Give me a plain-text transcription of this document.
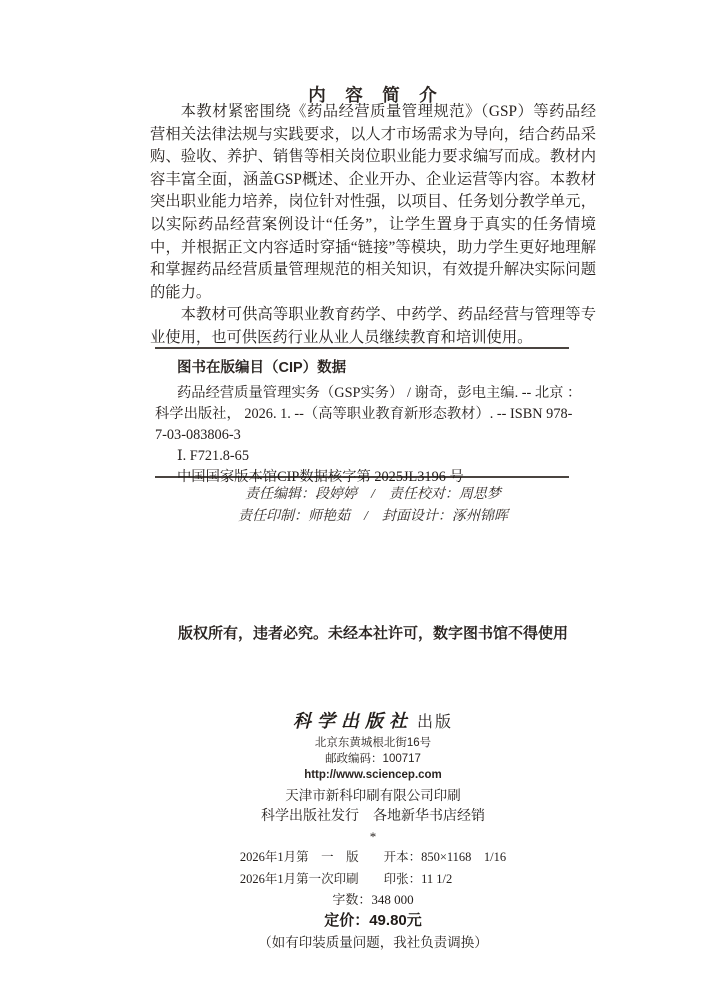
内　容　简　介

本教材紧密围绕《药品经营质量管理规范》（GSP）等药品经营相关法律法规与实践要求，以人才市场需求为导向，结合药品采购、验收、养护、销售等相关岗位职业能力要求编写而成。教材内容丰富全面，涵盖GSP概述、企业开办、企业运营等内容。本教材突出职业能力培养，岗位针对性强，以项目、任务划分教学单元，以实际药品经营案例设计“任务”，让学生置身于真实的任务情境中，并根据正文内容适时穿插“链接”等模块，助力学生更好地理解和掌握药品经营质量管理规范的相关知识，有效提升解决实际问题的能力。

本教材可供高等职业教育药学、中药学、药品经营与管理等专业使用，也可供医药行业从业人员继续教育和培训使用。

图书在版编目（CIP）数据
药品经营质量管理实务（GSP实务） / 谢奇，彭电主编. -- 北京 ：
科学出版社， 2026. 1. --（高等职业教育新形态教材）. -- ISBN 978-
7-03-083806-3
Ⅰ. F721.8-65
中国国家版本馆CIP数据核字第 2025JL3196 号
责任编辑：段婷婷　/　责任校对：周思梦
责任印制：师艳茹　/　封面设计：涿州锦晖
版权所有，违者必究。未经本社许可，数字图书馆不得使用
科学出版社 出版
北京东黄城根北街16号
邮政编码：100717
http://www.sciencep.com
天津市新科印刷有限公司印刷
科学出版社发行　各地新华书店经销
*
2026年1月第　一　版　　开本：850×1168　1/16
2026年1月第一次印刷　　印张：11 1/2
字数：348 000
定价：49.80元
（如有印装质量问题，我社负责调换）
